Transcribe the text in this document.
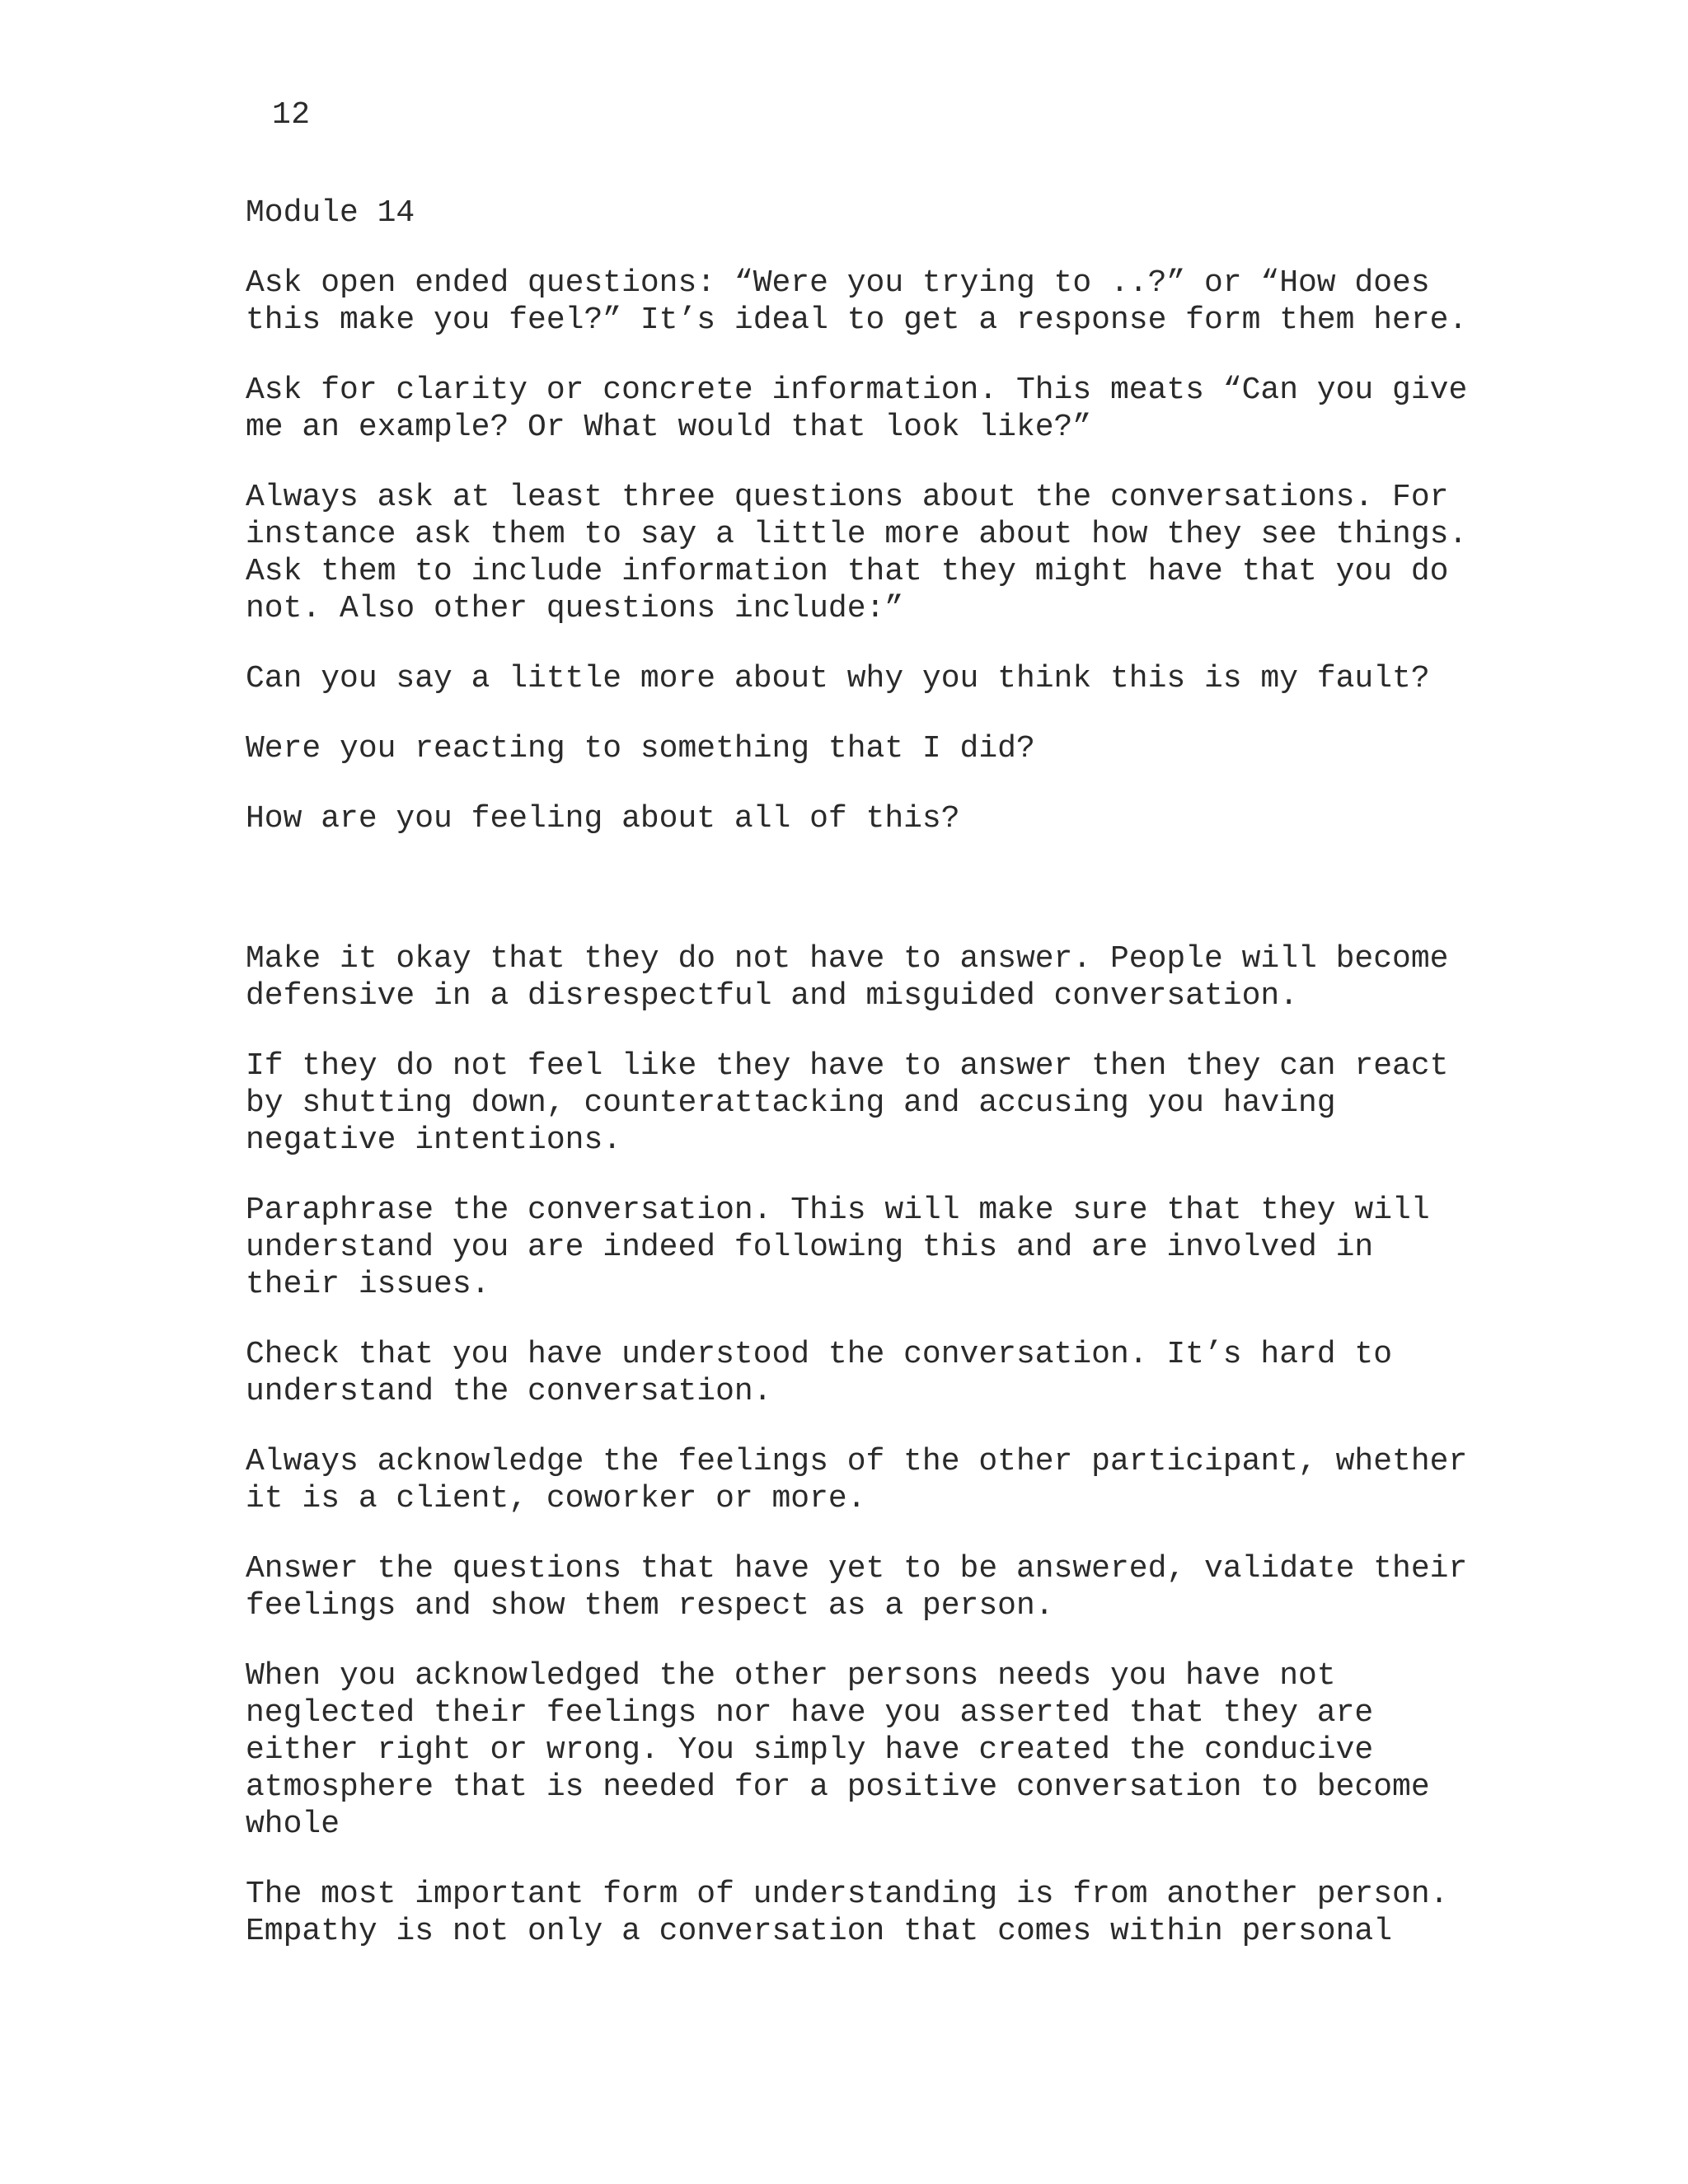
12
Module 14
Ask open ended questions: “Were you trying to ..?” or “How does
this make you feel?” It’s ideal to get a response form them here.
Ask for clarity or concrete information. This meats “Can you give
me an example? Or What would that look like?”
Always ask at least three questions about the conversations. For
instance ask them to say a little more about how they see things.
Ask them to include information that they might have that you do
not. Also other questions include:”
Can you say a little more about why you think this is my fault?
Were you reacting to something that I did?
How are you feeling about all of this?
Make it okay that they do not have to answer. People will become
defensive in a disrespectful and misguided conversation.
If they do not feel like they have to answer then they can react
by shutting down, counterattacking and accusing you having
negative intentions.
Paraphrase the conversation. This will make sure that they will
understand you are indeed following this and are involved in
their issues.
Check that you have understood the conversation. It’s hard to
understand the conversation.
Always acknowledge the feelings of the other participant, whether
it is a client, coworker or more.
Answer the questions that have yet to be answered, validate their
feelings and show them respect as a person.
When you acknowledged the other persons needs you have not
neglected their feelings nor have you asserted that they are
either right or wrong. You simply have created the conducive
atmosphere that is needed for a positive conversation to become
whole
The most important form of understanding is from another person.
Empathy is not only a conversation that comes within personal
